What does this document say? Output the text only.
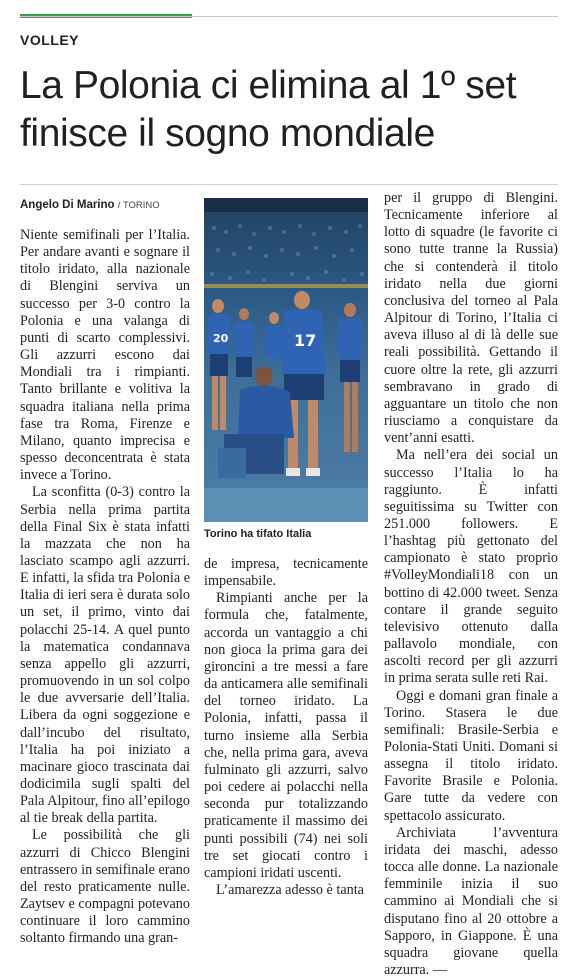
VOLLEY
La Polonia ci elimina al 1º set
finisce il sogno mondiale
Angelo Di Marino / TORINO

Niente semifinali per l’Italia. Per andare avanti e sognare il titolo iridato, alla nazionale di Blengini serviva un successo per 3-0 contro la Polonia e una valanga di punti di scarto complessivi. Gli azzurri escono dai Mondiali tra i rimpianti. Tanto brillante e volitiva la squadra italiana nella prima fase tra Roma, Firenze e Milano, quanto imprecisa e spesso deconcentrata è stata invece a Torino.

La sconfitta (0-3) contro la Serbia nella prima partita della Final Six è stata infatti la mazzata che non ha lasciato scampo agli azzurri. E infatti, la sfida tra Polonia e Italia di ieri sera è durata solo un set, il primo, vinto dai polacchi 25-14. A quel punto la matematica condannava senza appello gli azzurri, promuovendo in un sol colpo le due avversarie dell’Italia. Libera da ogni soggezione e dall’incubo del risultato, l’Italia ha poi iniziato a macinare gioco trascinata dai dodicimila sugli spalti del Pala Alpitour, fino all’epilogo al tie break della partita.

Le possibilità che gli azzurri di Chicco Blengini entrassero in semifinale erano del resto praticamente nulle. Zaytsev e compagni potevano continuare il loro cammino soltanto firmando una gran-

20	17
Torino ha tifato Italia

de impresa, tecnicamente impensabile.

Rimpianti anche per la formula che, fatalmente, accorda un vantaggio a chi non gioca la prima gara dei gironcini a tre messi a fare da anticamera alle semifinali del torneo iridato. La Polonia, infatti, passa il turno insieme alla Serbia che, nella prima gara, aveva fulminato gli azzurri, salvo poi cedere ai polacchi nella seconda pur totalizzando praticamente il massimo dei punti possibili (74) nei soli tre set giocati contro i campioni iridati uscenti.

L’amarezza adesso è tanta

per il gruppo di Blengini. Tecnicamente inferiore al lotto di squadre (le favorite ci sono tutte tranne la Russia) che si contenderà il titolo iridato nella due giorni conclusiva del torneo al Pala Alpitour di Torino, l’Italia ci aveva illuso al di là delle sue reali possibilità. Gettando il cuore oltre la rete, gli azzurri sembravano in grado di agguantare un titolo che non riusciamo a conquistare da vent’anni esatti.

Ma nell’era dei social un successo l’Italia lo ha raggiunto. È infatti seguitissima su Twitter con 251.000 followers. E l’hashtag più gettonato del campionato è stato proprio #VolleyMondiali18 con un bottino di 42.000 tweet. Senza contare il grande seguito televisivo ottenuto dalla pallavolo mondiale, con ascolti record per gli azzurri in prima serata sulle reti Rai.

Oggi e domani gran finale a Torino. Stasera le due semifinali: Brasile-Serbia e Polonia-Stati Uniti. Domani si assegna il titolo iridato. Favorite Brasile e Polonia. Gare tutte da vedere con spettacolo assicurato.

Archiviata l’avventura iridata dei maschi, adesso tocca alle donne. La nazionale femminile inizia il suo cammino ai Mondiali che si disputano fino al 20 ottobre a Sapporo, in Giappone. È una squadra giovane quella azzurra. —
